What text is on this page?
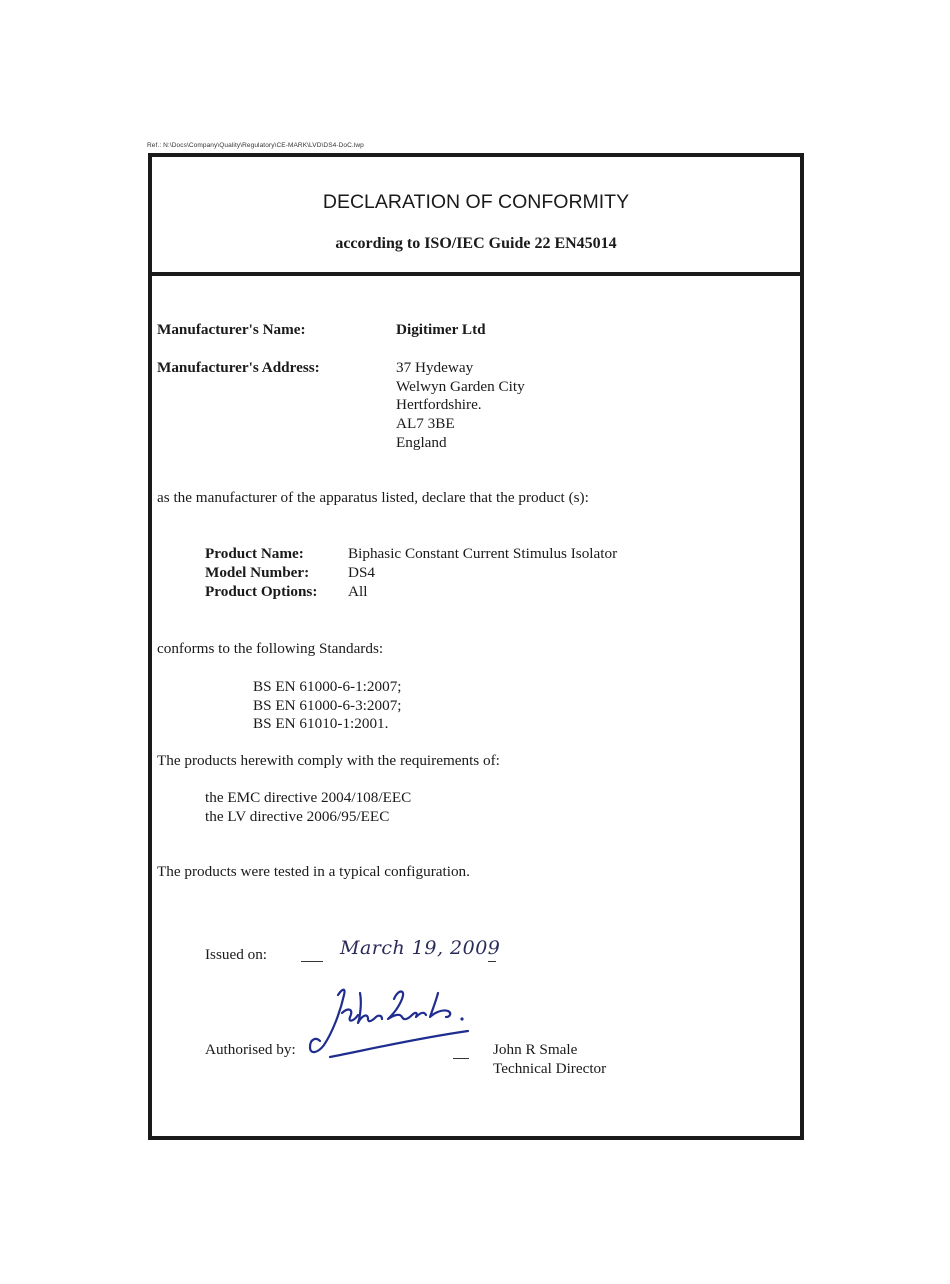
Ref.: N:\Docs\Company\Quality\Regulatory\CE-MARK\LVD\DS4-DoC.lwp
DECLARATION OF CONFORMITY
according to ISO/IEC Guide 22 EN45014
Manufacturer's Name:	Digitimer Ltd
Manufacturer's Address:	37 Hydeway
Welwyn Garden City
Hertfordshire.
AL7 3BE
England
as the manufacturer of the apparatus listed, declare that the product (s):
Product Name:	Biphasic Constant Current Stimulus Isolator
Model Number:	DS4
Product Options: All
conforms to the following Standards:
BS EN 61000-6-1:2007;
BS EN 61000-6-3:2007;
BS EN 61010-1:2001.
The products herewith comply with the requirements of:
the EMC directive 2004/108/EEC
the LV directive 2006/95/EEC
The products were tested in a typical configuration.
Issued on:	March 19, 2009
Authorised by:	John R Smale
Technical Director
